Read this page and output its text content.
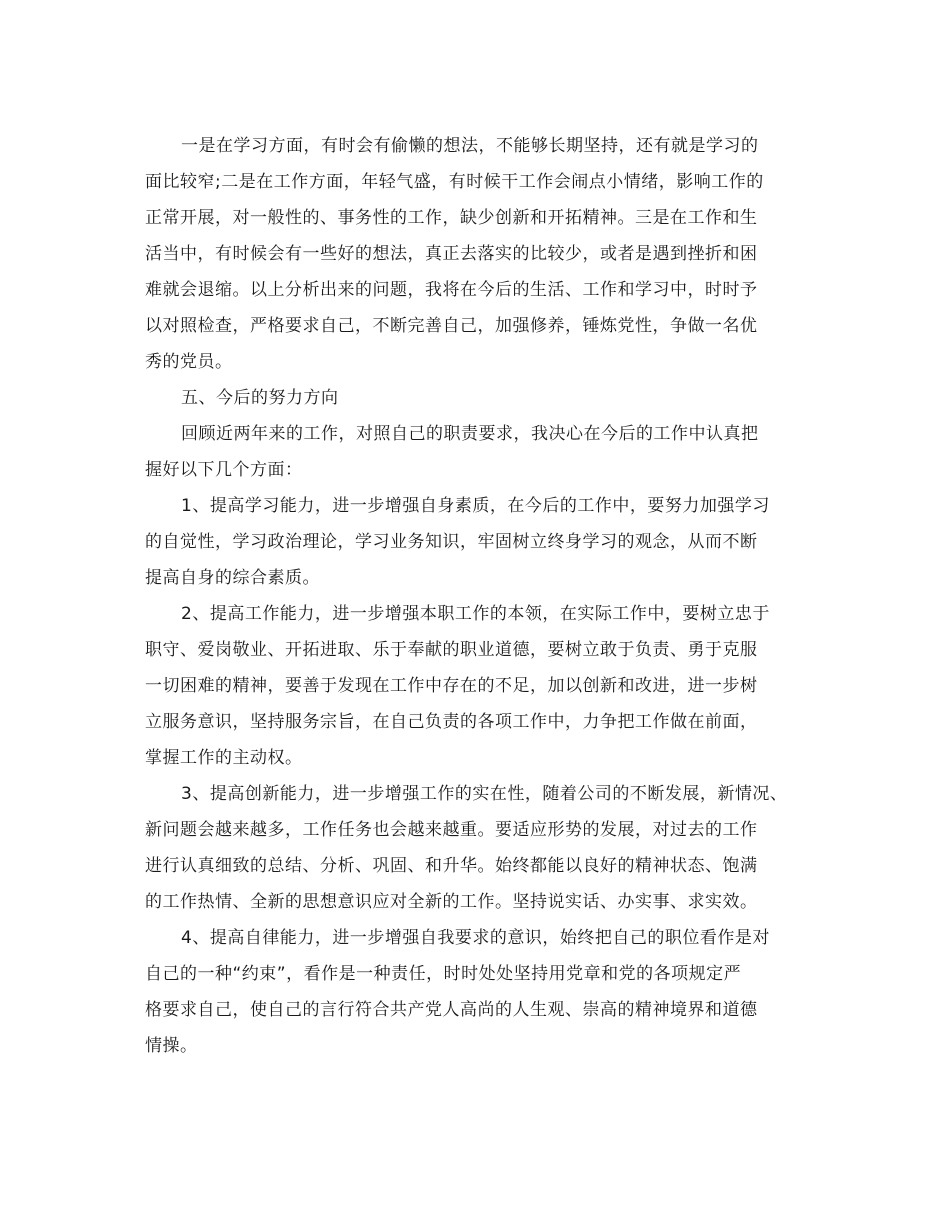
一是在学习方面，有时会有偷懒的想法，不能够长期坚持，还有就是学习的
面比较窄;二是在工作方面，年轻气盛，有时候干工作会闹点小情绪，影响工作的
正常开展，对一般性的、事务性的工作，缺少创新和开拓精神。三是在工作和生
活当中，有时候会有一些好的想法，真正去落实的比较少，或者是遇到挫折和困
难就会退缩。以上分析出来的问题，我将在今后的生活、工作和学习中，时时予
以对照检查，严格要求自己，不断完善自己，加强修养，锤炼党性，争做一名优
秀的党员。
五、今后的努力方向
回顾近两年来的工作，对照自己的职责要求，我决心在今后的工作中认真把
握好以下几个方面：
1、提高学习能力，进一步增强自身素质，在今后的工作中，要努力加强学习
的自觉性，学习政治理论，学习业务知识，牢固树立终身学习的观念，从而不断
提高自身的综合素质。
2、提高工作能力，进一步增强本职工作的本领，在实际工作中，要树立忠于
职守、爱岗敬业、开拓进取、乐于奉献的职业道德，要树立敢于负责、勇于克服
一切困难的精神，要善于发现在工作中存在的不足，加以创新和改进，进一步树
立服务意识，坚持服务宗旨，在自己负责的各项工作中，力争把工作做在前面，
掌握工作的主动权。
3、提高创新能力，进一步增强工作的实在性，随着公司的不断发展，新情况、
新问题会越来越多，工作任务也会越来越重。要适应形势的发展，对过去的工作
进行认真细致的总结、分析、巩固、和升华。始终都能以良好的精神状态、饱满
的工作热情、全新的思想意识应对全新的工作。坚持说实话、办实事、求实效。
4、提高自律能力，进一步增强自我要求的意识，始终把自己的职位看作是对
自己的一种“约束”，看作是一种责任，时时处处坚持用党章和党的各项规定严
格要求自己，使自己的言行符合共产党人高尚的人生观、崇高的精神境界和道德
情操。
